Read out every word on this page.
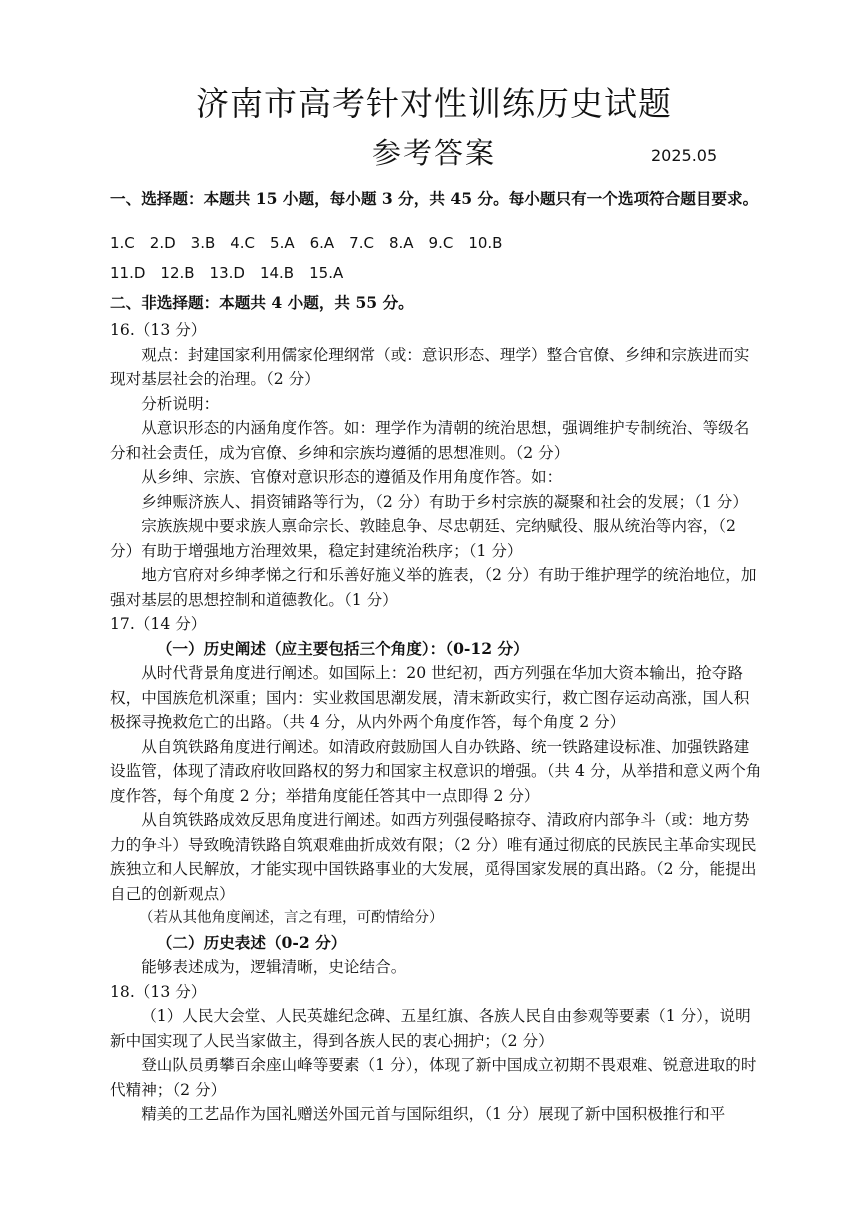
济南市高考针对性训练历史试题
参考答案	2025.05

一、选择题：本题共 15 小题，每小题 3 分，共 45 分。每小题只有一个选项符合题目要求。

1.C　2.D　3.B　4.C　5.A　6.A　7.C　8.A　9.C　10.B

11.D　12.B　13.D　14.B　15.A

二、非选择题：本题共 4 小题，共 55 分。

16.（13 分）

观点：封建国家利用儒家伦理纲常（或：意识形态、理学）整合官僚、乡绅和宗族进而实现对基层社会的治理。（2 分）

分析说明：

从意识形态的内涵角度作答。如：理学作为清朝的统治思想，强调维护专制统治、等级名分和社会责任，成为官僚、乡绅和宗族均遵循的思想准则。（2 分）

从乡绅、宗族、官僚对意识形态的遵循及作用角度作答。如：

乡绅赈济族人、捐资铺路等行为，（2 分）有助于乡村宗族的凝聚和社会的发展；（1 分）

宗族族规中要求族人禀命宗长、敦睦息争、尽忠朝廷、完纳赋役、服从统治等内容，（2 分）有助于增强地方治理效果，稳定封建统治秩序；（1 分）

地方官府对乡绅孝悌之行和乐善好施义举的旌表，（2 分）有助于维护理学的统治地位，加强对基层的思想控制和道德教化。（1 分）

17.（14 分）

（一）历史阐述（应主要包括三个角度）：（0-12 分）

从时代背景角度进行阐述。如国际上：20 世纪初，西方列强在华加大资本输出，抢夺路权，中国族危机深重；国内：实业救国思潮发展，清末新政实行，救亡图存运动高涨，国人积极探寻挽救危亡的出路。（共 4 分，从内外两个角度作答，每个角度 2 分）

从自筑铁路角度进行阐述。如清政府鼓励国人自办铁路、统一铁路建设标准、加强铁路建设监管，体现了清政府收回路权的努力和国家主权意识的增强。（共 4 分，从举措和意义两个角度作答，每个角度 2 分；举措角度能任答其中一点即得 2 分）

从自筑铁路成效反思角度进行阐述。如西方列强侵略掠夺、清政府内部争斗（或：地方势力的争斗）导致晚清铁路自筑艰难曲折成效有限；（2 分）唯有通过彻底的民族民主革命实现民族独立和人民解放，才能实现中国铁路事业的大发展，觅得国家发展的真出路。（2 分，能提出自己的创新观点）

（若从其他角度阐述，言之有理，可酌情给分）

（二）历史表述（0-2 分）

能够表述成为，逻辑清晰，史论结合。

18.（13 分）

（1）人民大会堂、人民英雄纪念碑、五星红旗、各族人民自由参观等要素（1 分），说明新中国实现了人民当家做主，得到各族人民的衷心拥护；（2 分）

登山队员勇攀百余座山峰等要素（1 分），体现了新中国成立初期不畏艰难、锐意进取的时代精神；（2 分）

精美的工艺品作为国礼赠送外国元首与国际组织，（1 分）展现了新中国积极推行和平
